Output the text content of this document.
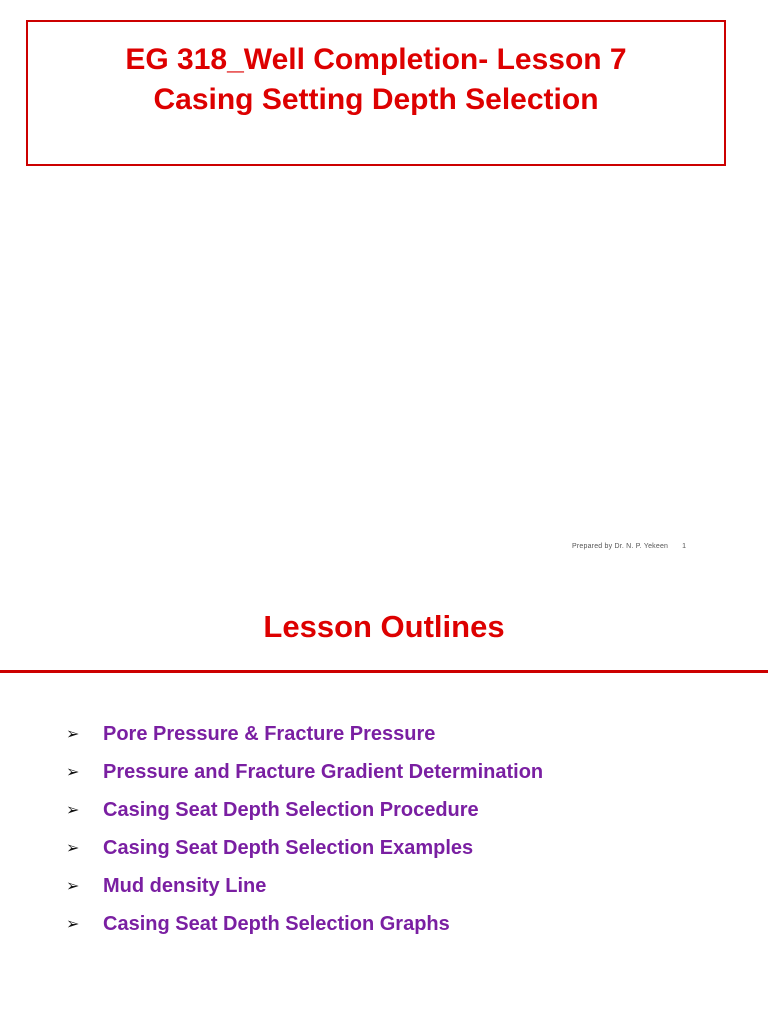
EG 318_Well Completion- Lesson 7
Casing Setting Depth Selection
Prepared by Dr. N. P. Yekeen 1
Lesson Outlines
➢ Pore Pressure & Fracture Pressure
➢ Pressure and Fracture Gradient Determination
➢ Casing Seat Depth Selection Procedure
➢ Casing Seat Depth Selection Examples
➢ Mud density Line
➢ Casing Seat Depth Selection Graphs
